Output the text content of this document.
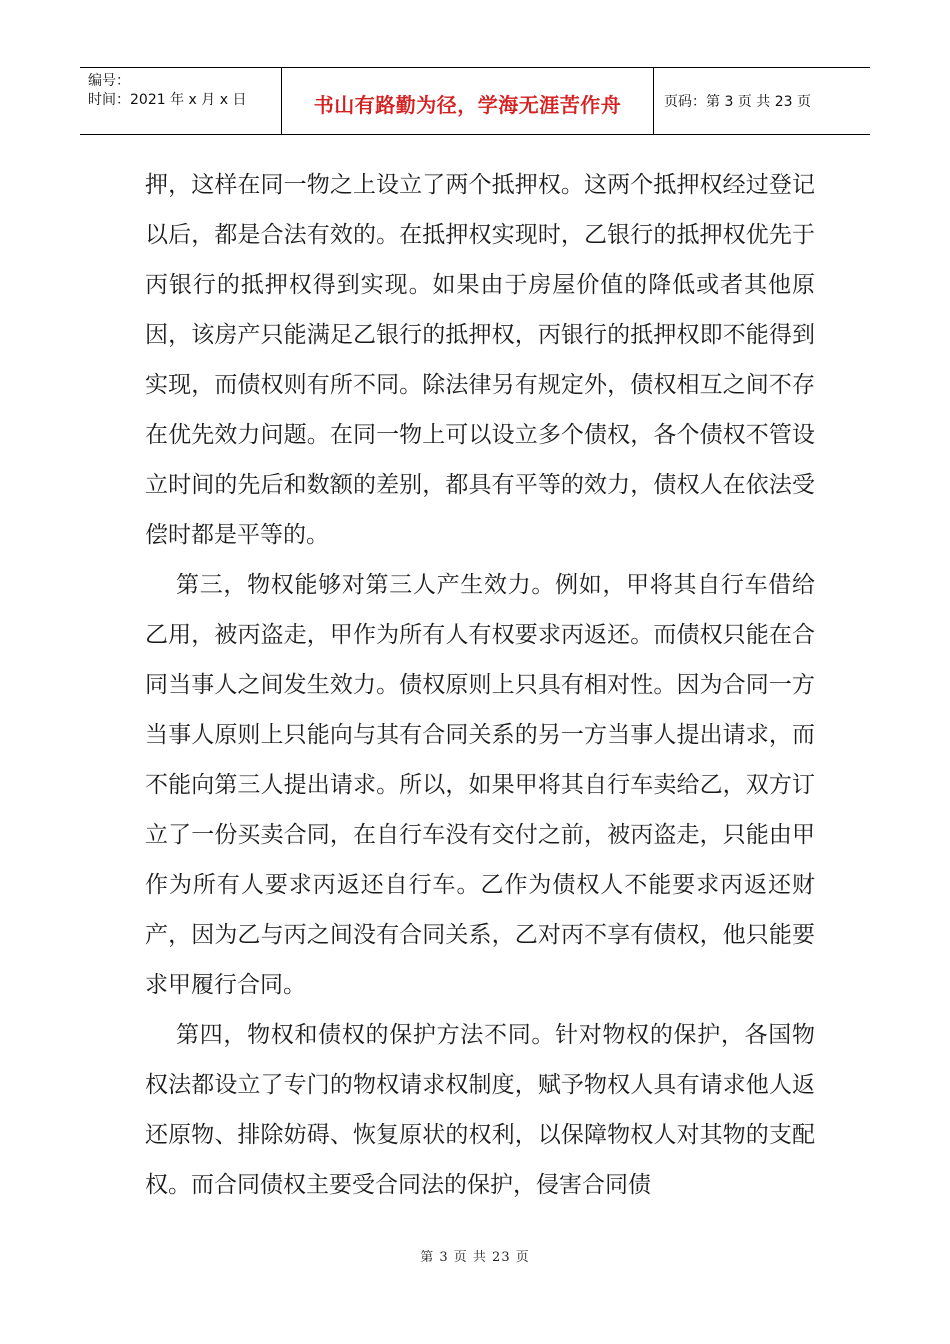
编号：
时间：2021 年 x 月 x 日	书山有路勤为径，学海无涯苦作舟	页码：第 3 页 共 23 页

押，这样在同一物之上设立了两个抵押权。这两个抵押权经过登记以后，都是合法有效的。在抵押权实现时，乙银行的抵押权优先于丙银行的抵押权得到实现。如果由于房屋价值的降低或者其他原因，该房产只能满足乙银行的抵押权，丙银行的抵押权即不能得到实现，而债权则有所不同。除法律另有规定外，债权相互之间不存在优先效力问题。在同一物上可以设立多个债权，各个债权不管设立时间的先后和数额的差别，都具有平等的效力，债权人在依法受偿时都是平等的。

第三，物权能够对第三人产生效力。例如，甲将其自行车借给乙用，被丙盗走，甲作为所有人有权要求丙返还。而债权只能在合同当事人之间发生效力。债权原则上只具有相对性。因为合同一方当事人原则上只能向与其有合同关系的另一方当事人提出请求，而不能向第三人提出请求。所以，如果甲将其自行车卖给乙，双方订立了一份买卖合同，在自行车没有交付之前，被丙盗走，只能由甲作为所有人要求丙返还自行车。乙作为债权人不能要求丙返还财产，因为乙与丙之间没有合同关系，乙对丙不享有债权，他只能要求甲履行合同。

第四，物权和债权的保护方法不同。针对物权的保护，各国物权法都设立了专门的物权请求权制度，赋予物权人具有请求他人返还原物、排除妨碍、恢复原状的权利，以保障物权人对其物的支配权。而合同债权主要受合同法的保护，侵害合同债

第 3 页 共 23 页
